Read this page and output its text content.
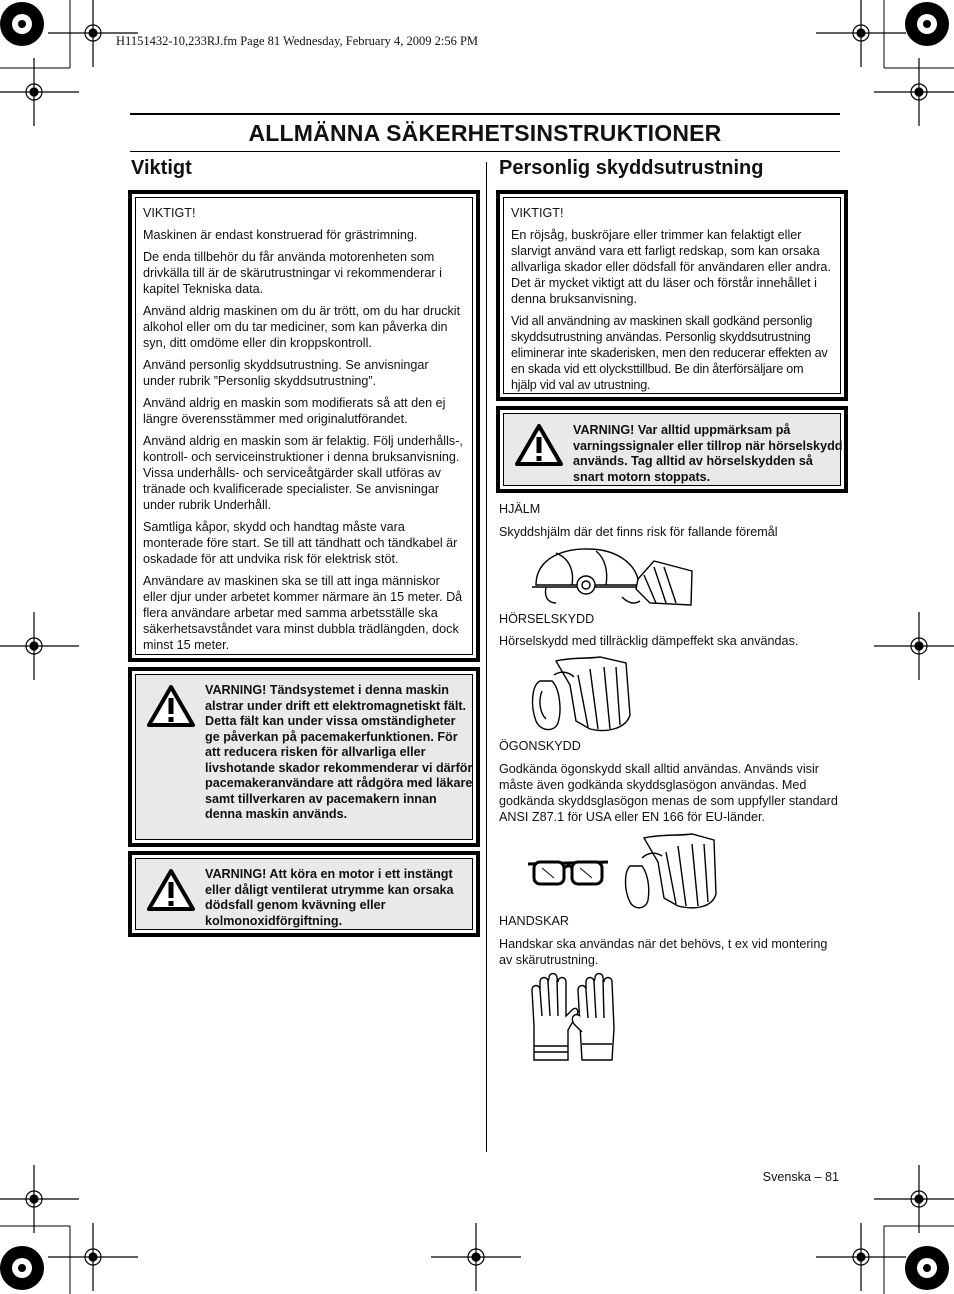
H1151432-10,233RJ.fm Page 81 Wednesday, February 4, 2009 2:56 PM
ALLMÄNNA SÄKERHETSINSTRUKTIONER
Viktigt

VIKTIGT!

Maskinen är endast konstruerad för grästrimning.

De enda tillbehör du får använda motorenheten som drivkälla till är de skärutrustningar vi rekommenderar i kapitel Tekniska data.

Använd aldrig maskinen om du är trött, om du har druckit alkohol eller om du tar mediciner, som kan påverka din syn, ditt omdöme eller din kroppskontroll.

Använd personlig skyddsutrustning. Se anvisningar under rubrik ”Personlig skyddsutrustning”.

Använd aldrig en maskin som modifierats så att den ej längre överensstämmer med originalutförandet.

Använd aldrig en maskin som är felaktig. Följ underhålls-, kontroll- och serviceinstruktioner i denna bruksanvisning. Vissa underhålls- och serviceåtgärder skall utföras av tränade och kvalificerade specialister. Se anvisningar under rubrik Underhåll.

Samtliga kåpor, skydd och handtag måste vara monterade före start. Se till att tändhatt och tändkabel är oskadade för att undvika risk för elektrisk stöt.

Användare av maskinen ska se till att inga människor eller djur under arbetet kommer närmare än 15 meter. Då flera användare arbetar med samma arbetsställe ska säkerhetsavståndet vara minst dubbla trädlängden, dock minst 15 meter.

VARNING! Tändsystemet i denna maskin alstrar under drift ett elektromagnetiskt fält. Detta fält kan under vissa omständigheter ge påverkan på pacemakerfunktionen. För att reducera risken för allvarliga eller livshotande skador rekommenderar vi därför pacemakeranvändare att rådgöra med läkare samt tillverkaren av pacemakern innan denna maskin används.

VARNING! Att köra en motor i ett instängt eller dåligt ventilerat utrymme kan orsaka dödsfall genom kvävning eller kolmonoxidförgiftning.

Personlig skyddsutrustning

VIKTIGT!

En röjsåg, buskröjare eller trimmer kan felaktigt eller slarvigt använd vara ett farligt redskap, som kan orsaka allvarliga skador eller dödsfall för användaren eller andra. Det är mycket viktigt att du läser och förstår innehållet i denna bruksanvisning.

Vid all användning av maskinen skall godkänd personlig skyddsutrustning användas. Personlig skyddsutrustning eliminerar inte skaderisken, men den reducerar effekten av en skada vid ett olycksttillbud. Be din återförsäljare om hjälp vid val av utrustning.

VARNING! Var alltid uppmärksam på varningssignaler eller tillrop när hörselskydd används. Tag alltid av hörselskydden så snart motorn stoppats.

HJÄLM

Skyddshjälm där det finns risk för fallande föremål

HÖRSELSKYDD

Hörselskydd med tillräcklig dämpeffekt ska användas.

ÖGONSKYDD

Godkända ögonskydd skall alltid användas. Används visir måste även godkända skyddsglasögon användas. Med godkända skyddsglasögon menas de som uppfyller standard ANSI Z87.1 för USA eller EN 166 för EU-länder.

HANDSKAR

Handskar ska användas när det behövs, t ex vid montering av skärutrustning.

Svenska – 81
